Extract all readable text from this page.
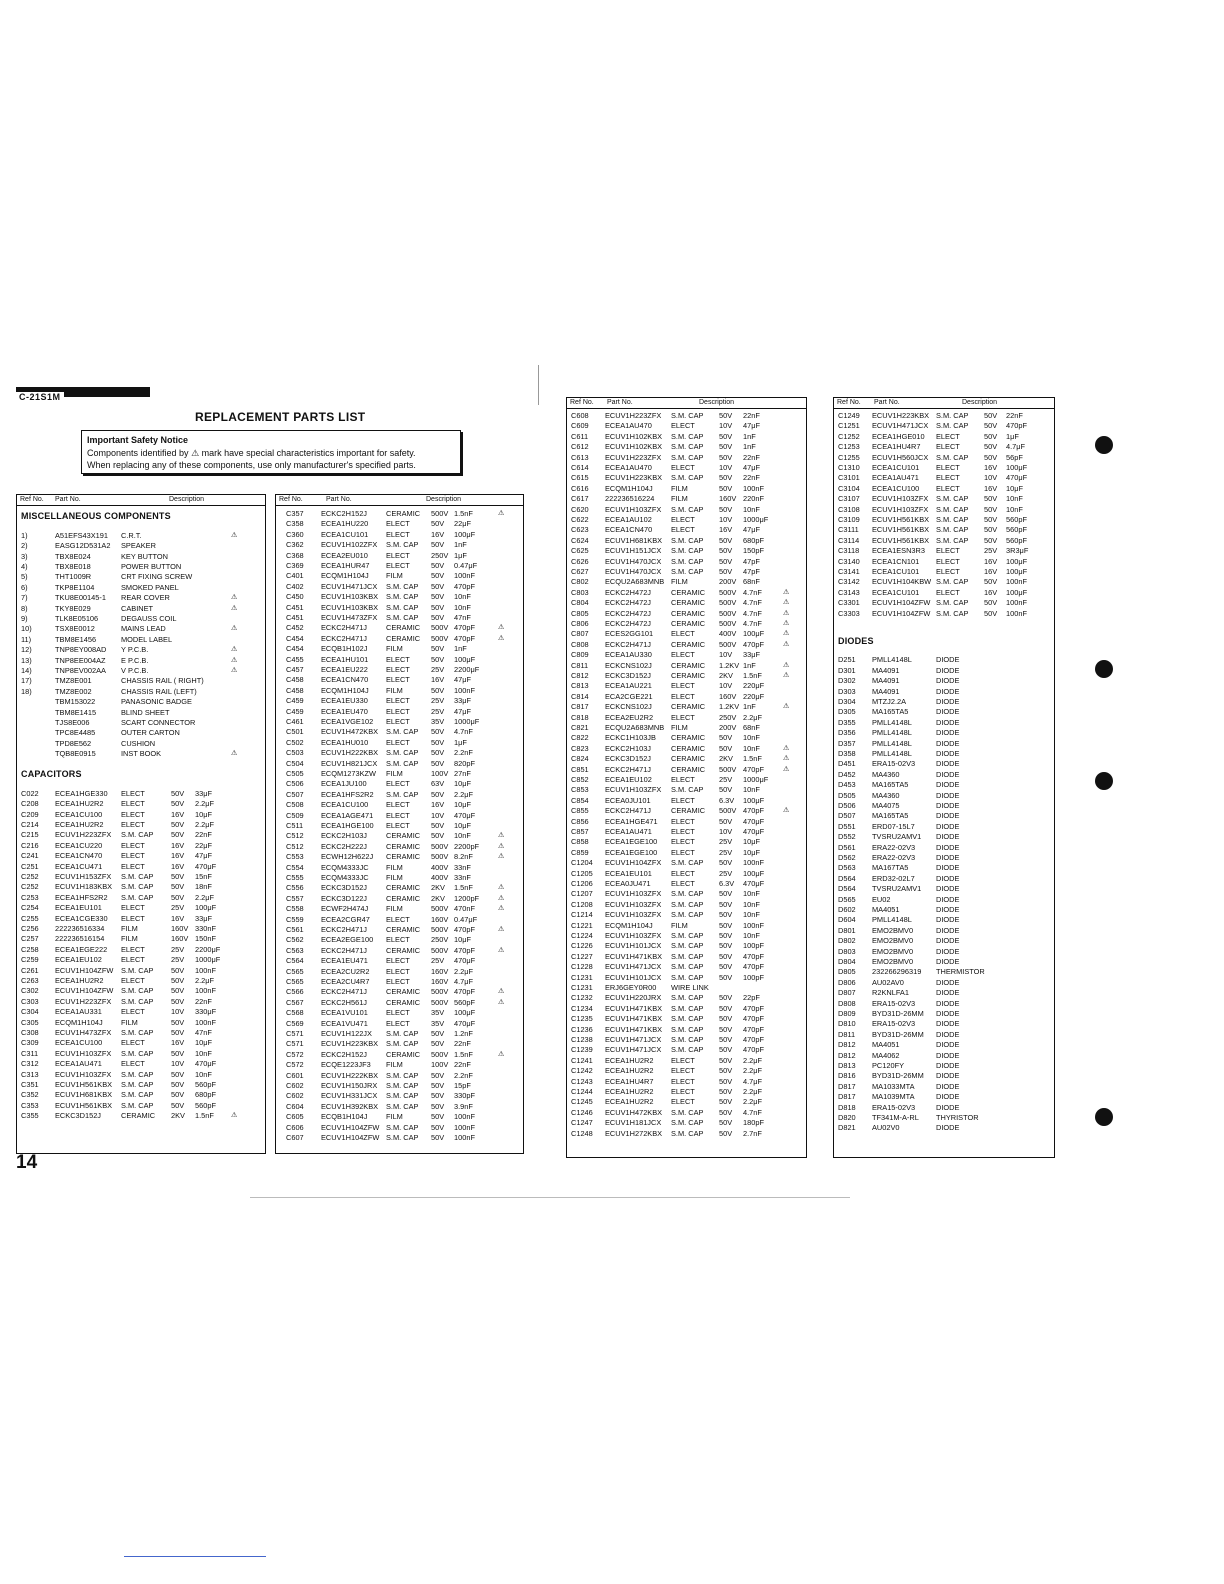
C-21S1M
REPLACEMENT PARTS LIST
Important Safety Notice
Components identified by ⚠ mark have special characteristics important for safety.
When replacing any of these components, use only manufacturer's specified parts.
Ref No. Part No.	Description
MISCELLANEOUS COMPONENTS
1)	A51EFS43X191 C.R.T.	⚠
2)	EASG12D531A2 SPEAKER
3)	TBX8E024	KEY BUTTON
4)	TBX8E018	POWER BUTTON
5)	THT1009R	CRT FIXING SCREW
6)	TKP8E1104	SMOKED PANEL
7)	TKU8E00145-1 REAR COVER	⚠
8)	TKY8E029	CABINET	⚠
9)	TLK8E05106	DEGAUSS COIL
10)	TSX8E0012	MAINS LEAD	⚠
11)	TBM8E1456	MODEL LABEL
12)	TNP8EY008AD Y P.C.B.	⚠
13)	TNP8EE004AZ E P.C.B.	⚠
14)	TNP8EV002AA V P.C.B.	⚠
17)	TMZ8E001	CHASSIS RAIL ( RIGHT)
18)	TMZ8E002	CHASSIS RAIL (LEFT)
TBM153022	PANASONIC BADGE
TBM8E1415	BLIND SHEET
TJS8E006	SCART CONNECTOR
TPC8E4485	OUTER CARTON
TPD8E562	CUSHION
TQB8E0915	INST BOOK	⚠
CAPACITORS
C022 ECEA1HGE330 ELECT	50V 33μF
C208 ECEA1HU2R2 ELECT	50V 2.2μF
C209 ECEA1CU100	ELECT	16V 10μF
C214 ECEA1HU2R2 ELECT	50V 2.2μF
C215 ECUV1H223ZFX S.M. CAP 50V 22nF
C216 ECEA1CU220	ELECT	16V 22μF
C241 ECEA1CN470	ELECT	16V 47μF
C251 ECEA1CU471	ELECT	16V 470μF
C252 ECUV1H153ZFX S.M. CAP 50V 15nF
C252 ECUV1H183KBX S.M. CAP 50V 18nF
C253 ECEA1HFS2R2 S.M. CAP 50V 2.2μF
C254 ECEA1EU101	ELECT	25V 100μF
C255 ECEA1CGE330 ELECT	16V 33μF
C256 222236516334 FILM	160V 330nF
C257 222236516154 FILM	160V 150nF
C258 ECEA1EGE222 ELECT	25V 2200μF
C259 ECEA1EU102	ELECT	25V 1000μF
C261 ECUV1H104ZFW S.M. CAP 50V 100nF
C263 ECEA1HU2R2 ELECT	50V 2.2μF
C302 ECUV1H104ZFW S.M. CAP 50V 100nF
C303 ECUV1H223ZFX S.M. CAP 50V 22nF
C304 ECEA1AU331	ELECT	10V 330μF
C305 ECQM1H104J FILM	50V 100nF
C308 ECUV1H473ZFX S.M. CAP 50V 47nF
C309 ECEA1CU100	ELECT	16V 10μF
C311 ECUV1H103ZFX S.M. CAP 50V 10nF
C312 ECEA1AU471	ELECT	10V 470μF
C313 ECUV1H103ZFX S.M. CAP 50V 10nF
C351 ECUV1H561KBX S.M. CAP 50V 560pF
C352 ECUV1H681KBX S.M. CAP 50V 680pF
C353 ECUV1H561KBX S.M. CAP 50V 560pF
C355 ECKC3D152J	CERAMIC 2KV 1.5nF ⚠
Ref No.	Part No.	Description
C357 ECKC2H152J	CERAMIC 500V 1.5nF	⚠
C358 ECEA1HU220 ELECT	50V 22μF
C360 ECEA1CU101 ELECT	16V 100μF
C362 ECUV1H102ZFX S.M. CAP 50V 1nF
C368 ECEA2EU010 ELECT	250V 1μF
C369 ECEA1HUR47 ELECT	50V 0.47μF
C401 ECQM1H104J FILM	50V 100nF
C402 ECUV1H471JCX S.M. CAP 50V 470pF
C450 ECUV1H103KBX S.M. CAP 50V 10nF
C451 ECUV1H103KBX S.M. CAP 50V 10nF
C451 ECUV1H473ZFX S.M. CAP 50V 47nF
C452 ECKC2H471J	CERAMIC 500V 470pF	⚠
C454 ECKC2H471J	CERAMIC 500V 470pF	⚠
C454 ECQB1H102J	FILM	50V 1nF
C455 ECEA1HU101 ELECT	50V 100μF
C457 ECEA1EU222 ELECT	25V 2200μF
C458 ECEA1CN470 ELECT	16V 47μF
C458 ECQM1H104J FILM	50V 100nF
C459 ECEA1EU330 ELECT	25V 33μF
C459 ECEA1EU470 ELECT	25V 47μF
C461 ECEA1VGE102 ELECT	35V 1000μF
C501 ECUV1H472KBX S.M. CAP 50V 4.7nF
C502 ECEA1HU010 ELECT	50V 1μF
C503 ECUV1H222KBX S.M. CAP 50V 2.2nF
C504 ECUV1H821JCX S.M. CAP 50V 820pF
C505 ECQM1273KZW FILM	100V 27nF
C506 ECEA1JU100	ELECT	63V 10μF
C507 ECEA1HFS2R2 S.M. CAP 50V 2.2μF
C508 ECEA1CU100 ELECT	16V 10μF
C509 ECEA1AGE471 ELECT	10V 470μF
C511 ECEA1HGE100 ELECT	50V 10μF
C512 ECKC2H103J	CERAMIC 50V 10nF	⚠
C512 ECKC2H222J	CERAMIC 500V 2200pF	⚠
C553 ECWH12H622J CERAMIC 500V 8.2nF	⚠
C554 ECQM4333JC FILM	400V 33nF
C555 ECQM4333JC FILM	400V 33nF
C556 ECKC3D152J	CERAMIC 2KV 1.5nF	⚠
C557 ECKC3D122J	CERAMIC 2KV 1200pF	⚠
C558 ECWF2H474J FILM	500V 470nF	⚠
C559 ECEA2CGR47 ELECT	160V 0.47μF
C561 ECKC2H471J	CERAMIC 500V 470pF	⚠
C562 ECEA2EGE100 ELECT	250V 10μF
C563 ECKC2H471J	CERAMIC 500V 470pF	⚠
C564 ECEA1EU471 ELECT	25V 470μF
C565 ECEA2CU2R2 ELECT	160V 2.2μF
C565 ECEA2CU4R7 ELECT	160V 4.7μF
C566 ECKC2H471J	CERAMIC 500V 470pF	⚠
C567 ECKC2H561J	CERAMIC 500V 560pF	⚠
C568 ECEA1VU101 ELECT	35V 100μF
C569 ECEA1VU471 ELECT	35V 470μF
C571 ECUV1H122JX S.M. CAP 50V 1.2nF
C571 ECUV1H223KBX S.M. CAP 50V 22nF
C572 ECKC2H152J	CERAMIC 500V 1.5nF	⚠
C572 ECQE1223JF3 FILM	100V 22nF
C601 ECUV1H222KBX S.M. CAP 50V 2.2nF
C602 ECUV1H150JRX S.M. CAP 50V 15pF
C602 ECUV1H331JCX S.M. CAP 50V 330pF
C604 ECUV1H392KBX S.M. CAP 50V 3.9nF
C605 ECQB1H104J	FILM	50V 100nF
C606 ECUV1H104ZFW S.M. CAP 50V 100nF
C607 ECUV1H104ZFW S.M. CAP 50V 100nF
Ref No. Part No.	Description
C608 ECUV1H223ZFX S.M. CAP 50V 22nF
C609 ECEA1AU470	ELECT	10V 47μF
C611 ECUV1H102KBX S.M. CAP 50V 1nF
C612 ECUV1H102KBX S.M. CAP 50V 1nF
C613 ECUV1H223ZFX S.M. CAP 50V 22nF
C614 ECEA1AU470	ELECT	10V 47μF
C615 ECUV1H223KBX S.M. CAP 50V 22nF
C616 ECQM1H104J FILM	50V 100nF
C617 222236516224 FILM	160V 220nF
C620 ECUV1H103ZFX S.M. CAP 50V 10nF
C622 ECEA1AU102	ELECT	10V 1000μF
C623 ECEA1CN470	ELECT	16V 47μF
C624 ECUV1H681KBX S.M. CAP 50V 680pF
C625 ECUV1H151JCX S.M. CAP 50V 150pF
C626 ECUV1H470JCX S.M. CAP 50V 47pF
C627 ECUV1H470JCX S.M. CAP 50V 47pF
C802 ECQU2A683MNB FILM	200V 68nF
C803 ECKC2H472J	CERAMIC 500V 4.7nF	⚠
C804 ECKC2H472J	CERAMIC 500V 4.7nF	⚠
C805 ECKC2H472J	CERAMIC 500V 4.7nF	⚠
C806 ECKC2H472J	CERAMIC 500V 4.7nF	⚠
C807 ECES2GG101 ELECT	400V 100μF	⚠
C808 ECKC2H471J	CERAMIC 500V 470pF	⚠
C809 ECEA1AU330	ELECT	10V 33μF
C811 ECKCNS102J	CERAMIC 1.2KV 1nF	⚠
C812 ECKC3D152J	CERAMIC 2KV 1.5nF	⚠
C813 ECEA1AU221	ELECT	10V 220μF
C814 ECA2CGE221 ELECT	160V 220μF
C817 ECKCNS102J	CERAMIC 1.2KV 1nF	⚠
C818 ECEA2EU2R2 ELECT	250V 2.2μF
C821 ECQU2A683MNB FILM	200V 68nF
C822 ECKC1H103JB CERAMIC 50V 10nF
C823 ECKC2H103J	CERAMIC 50V 10nF	⚠
C824 ECKC3D152J	CERAMIC 2KV 1.5nF	⚠
C851 ECKC2H471J	CERAMIC 500V 470pF	⚠
C852 ECEA1EU102	ELECT	25V 1000μF
C853 ECUV1H103ZFX S.M. CAP 50V 10nF
C854 ECEA0JU101	ELECT	6.3V 100μF
C855 ECKC2H471J	CERAMIC 500V 470pF	⚠
C856 ECEA1HGE471 ELECT	50V 470μF
C857 ECEA1AU471	ELECT	10V 470μF
C858 ECEA1EGE100 ELECT	25V 10μF
C859 ECEA1EGE100 ELECT	25V 10μF
C1204 ECUV1H104ZFX S.M. CAP 50V 100nF
C1205 ECEA1EU101	ELECT	25V 100μF
C1206 ECEA0JU471	ELECT	6.3V 470μF
C1207 ECUV1H103ZFX S.M. CAP 50V 10nF
C1208 ECUV1H103ZFX S.M. CAP 50V 10nF
C1214 ECUV1H103ZFX S.M. CAP 50V 10nF
C1221 ECQM1H104J FILM	50V 100nF
C1224 ECUV1H103ZFX S.M. CAP 50V 10nF
C1226 ECUV1H101JCX S.M. CAP 50V 100pF
C1227 ECUV1H471KBX S.M. CAP 50V 470pF
C1228 ECUV1H471JCX S.M. CAP 50V 470pF
C1231 ECUV1H101JCX S.M. CAP 50V 100pF
C1231 ERJ6GEY0R00 WIRE LINK
C1232 ECUV1H220JRX S.M. CAP 50V 22pF
C1234 ECUV1H471KBX S.M. CAP 50V 470pF
C1235 ECUV1H471KBX S.M. CAP 50V 470pF
C1236 ECUV1H471KBX S.M. CAP 50V 470pF
C1238 ECUV1H471JCX S.M. CAP 50V 470pF
C1239 ECUV1H471JCX S.M. CAP 50V 470pF
C1241 ECEA1HU2R2 ELECT	50V 2.2μF
C1242 ECEA1HU2R2 ELECT	50V 2.2μF
C1243 ECEA1HU4R7 ELECT	50V 4.7μF
C1244 ECEA1HU2R2 ELECT	50V 2.2μF
C1245 ECEA1HU2R2 ELECT	50V 2.2μF
C1246 ECUV1H472KBX S.M. CAP 50V 4.7nF
C1247 ECUV1H181JCX S.M. CAP 50V 180pF
C1248 ECUV1H272KBX S.M. CAP 50V 2.7nF
Ref No. Part No.	Description
C1249 ECUV1H223KBX S.M. CAP 50V 22nF
C1251 ECUV1H471JCX S.M. CAP 50V 470pF
C1252 ECEA1HGE010 ELECT	50V 1μF
C1253 ECEA1HU4R7 ELECT	50V 4.7μF
C1255 ECUV1H560JCX S.M. CAP 50V 56pF
C1310 ECEA1CU101 ELECT	16V 100μF
C3101 ECEA1AU471 ELECT	10V 470μF
C3104 ECEA1CU100 ELECT	16V 10μF
C3107 ECUV1H103ZFX S.M. CAP 50V 10nF
C3108 ECUV1H103ZFX S.M. CAP 50V 10nF
C3109 ECUV1H561KBX S.M. CAP 50V 560pF
C3111 ECUV1H561KBX S.M. CAP 50V 560pF
C3114 ECUV1H561KBX S.M. CAP 50V 560pF
C3118 ECEA1ESN3R3 ELECT	25V 3R3μF
C3140 ECEA1CN101 ELECT	16V 100μF
C3141 ECEA1CU101 ELECT	16V 100μF
C3142 ECUV1H104KBW S.M. CAP 50V 100nF
C3143 ECEA1CU101 ELECT	16V 100μF
C3301 ECUV1H104ZFW S.M. CAP 50V 100nF
C3303 ECUV1H104ZFW S.M. CAP 50V 100nF
DIODES
D251 PMLL4148L	DIODE
D301 MA4091	DIODE
D302 MA4091	DIODE
D303 MA4091	DIODE
D304 MTZJ2.2A	DIODE
D305 MA165TA5	DIODE
D355 PMLL4148L	DIODE
D356 PMLL4148L	DIODE
D357 PMLL4148L	DIODE
D358 PMLL4148L	DIODE
D451 ERA15-02V3	DIODE
D452 MA4360	DIODE
D453 MA165TA5	DIODE
D505 MA4360	DIODE
D506 MA4075	DIODE
D507 MA165TA5	DIODE
D551 ERD07-15L7	DIODE
D552 TVSRU2AMV1 DIODE
D561 ERA22-02V3	DIODE
D562 ERA22-02V3	DIODE
D563 MA167TA5	DIODE
D564 ERD32-02L7	DIODE
D564 TVSRU2AMV1 DIODE
D565 EU02	DIODE
D602 MA4051	DIODE
D604 PMLL4148L	DIODE
D801 EMO2BMV0	DIODE
D802 EMO2BMV0	DIODE
D803 EMO2BMV0	DIODE
D804 EMO2BMV0	DIODE
D805 232266296319 THERMISTOR
D806 AU02AV0	DIODE
D807 R2KNLFA1	DIODE
D808 ERA15-02V3	DIODE
D809 BYD31D-26MM DIODE
D810 ERA15-02V3	DIODE
D811 BYD31D-26MM DIODE
D812 MA4051	DIODE
D812 MA4062	DIODE
D813 PC120FY	DIODE
D816 BYD31D-26MM DIODE
D817 MA1033MTA	DIODE
D817 MA1039MTA	DIODE
D818 ERA15-02V3	DIODE
D820 TF341M-A-RL THYRISTOR
D821 AU02V0	DIODE
14
